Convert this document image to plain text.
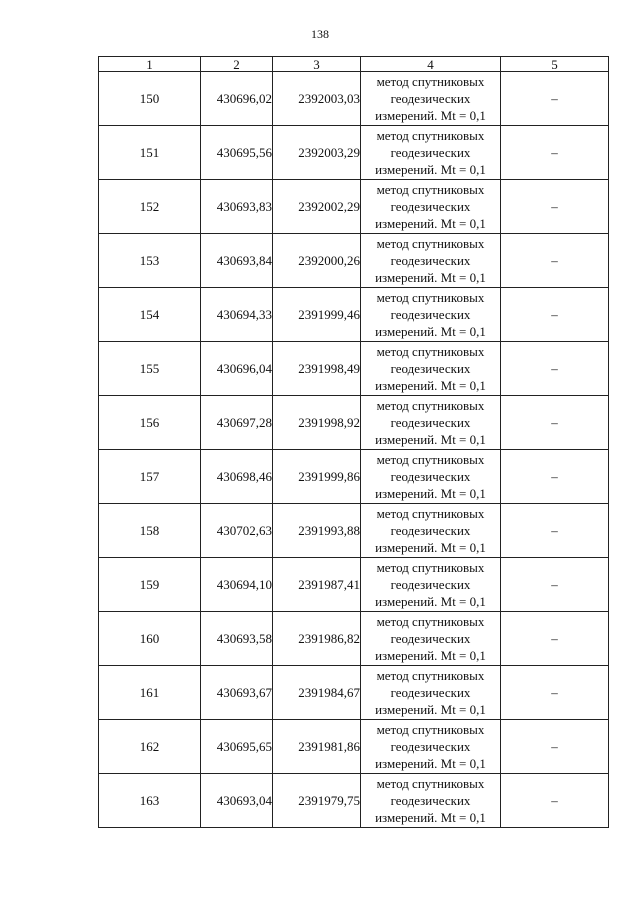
138
1	2	3	4	5
150	430696,02	2392003,03	метод спутниковых
геодезических
измерений. Mt = 0,1	–
151	430695,56	2392003,29	метод спутниковых
геодезических
измерений. Mt = 0,1	–
152	430693,83	2392002,29	метод спутниковых
геодезических
измерений. Mt = 0,1	–
153	430693,84	2392000,26	метод спутниковых
геодезических
измерений. Mt = 0,1	–
154	430694,33	2391999,46	метод спутниковых
геодезических
измерений. Mt = 0,1	–
155	430696,04	2391998,49	метод спутниковых
геодезических
измерений. Mt = 0,1	–
156	430697,28	2391998,92	метод спутниковых
геодезических
измерений. Mt = 0,1	–
157	430698,46	2391999,86	метод спутниковых
геодезических
измерений. Mt = 0,1	–
158	430702,63	2391993,88	метод спутниковых
геодезических
измерений. Mt = 0,1	–
159	430694,10	2391987,41	метод спутниковых
геодезических
измерений. Mt = 0,1	–
160	430693,58	2391986,82	метод спутниковых
геодезических
измерений. Mt = 0,1	–
161	430693,67	2391984,67	метод спутниковых
геодезических
измерений. Mt = 0,1	–
162	430695,65	2391981,86	метод спутниковых
геодезических
измерений. Mt = 0,1	–
163	430693,04	2391979,75	метод спутниковых
геодезических
измерений. Mt = 0,1	–
